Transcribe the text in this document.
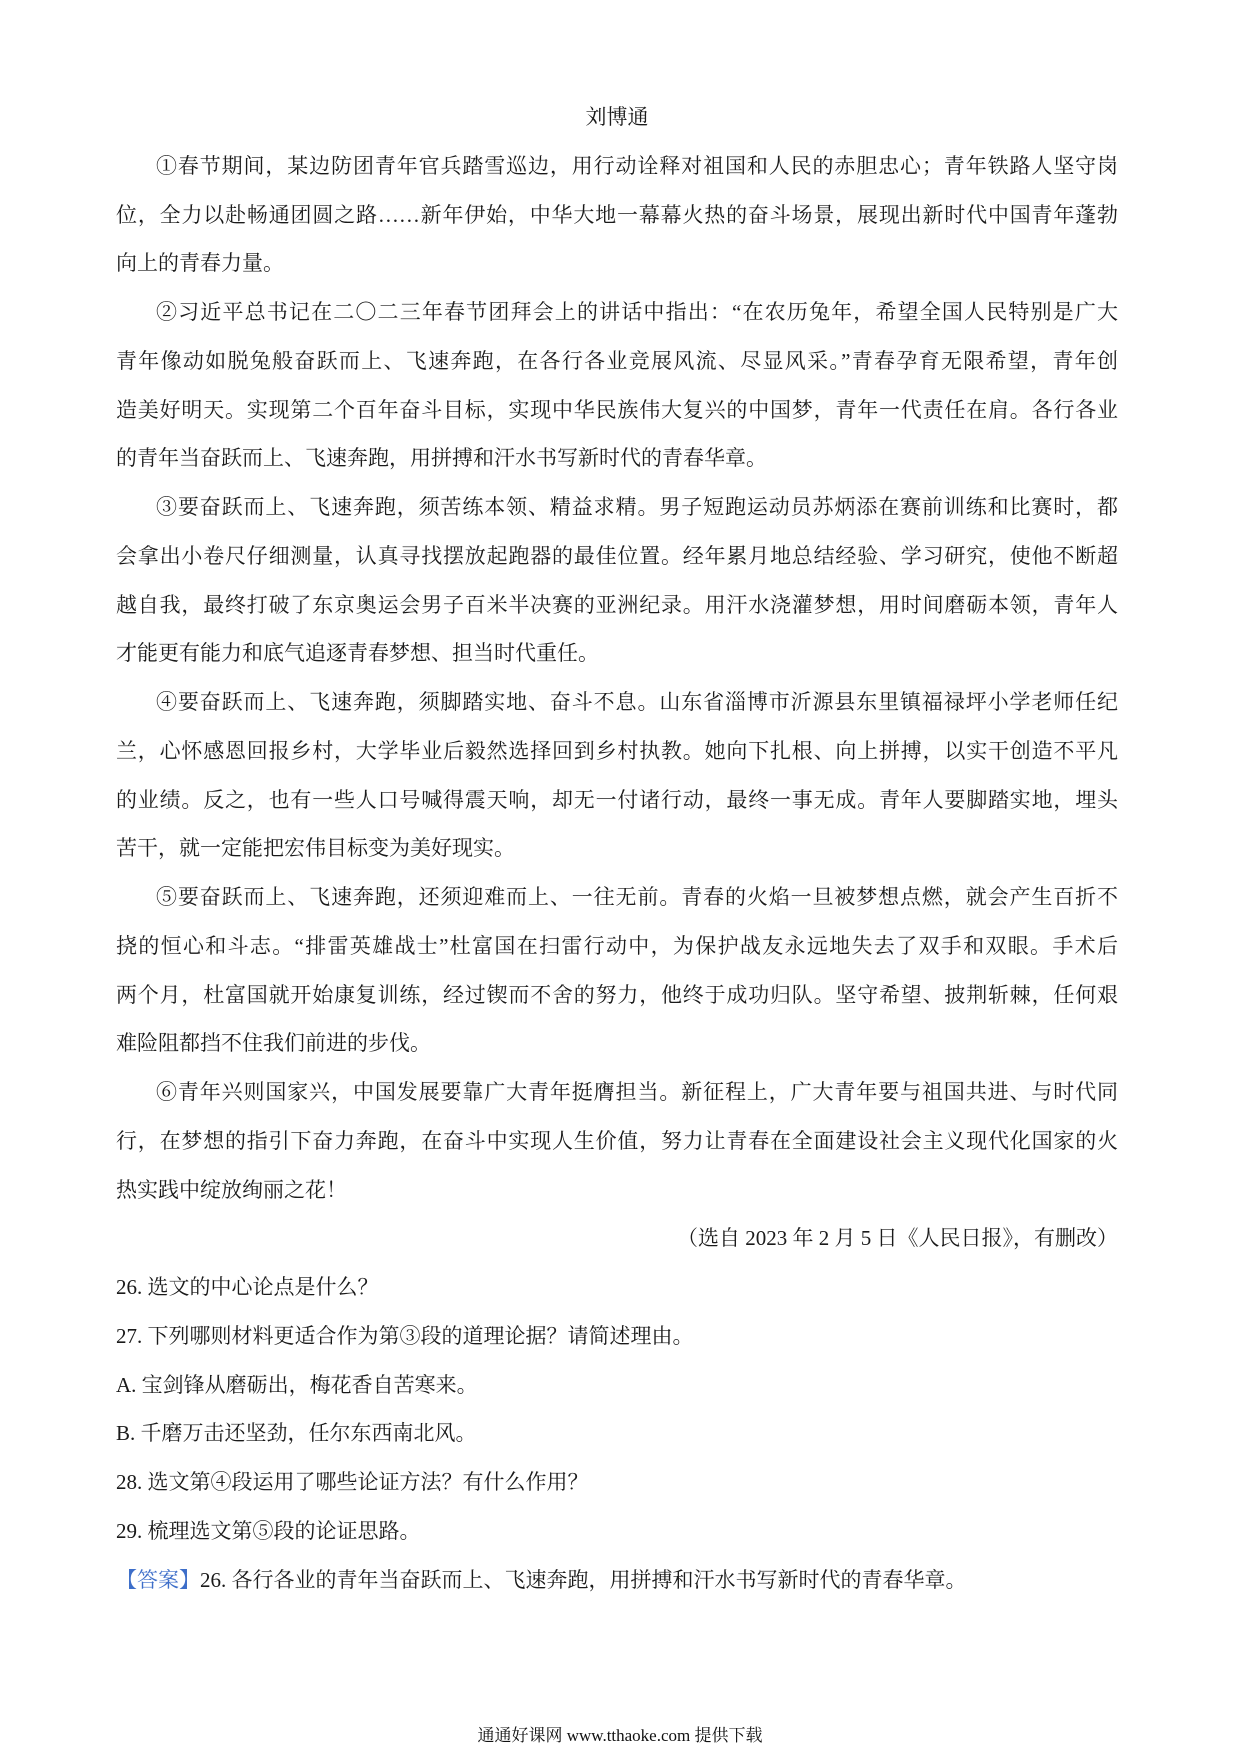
刘博通
①春节期间，某边防团青年官兵踏雪巡边，用行动诠释对祖国和人民的赤胆忠心；青年铁路人坚守岗
位，全力以赴畅通团圆之路……新年伊始，中华大地一幕幕火热的奋斗场景，展现出新时代中国青年蓬勃
向上的青春力量。
②习近平总书记在二〇二三年春节团拜会上的讲话中指出：“在农历兔年，希望全国人民特别是广大
青年像动如脱兔般奋跃而上、飞速奔跑，在各行各业竞展风流、尽显风采。”青春孕育无限希望，青年创
造美好明天。实现第二个百年奋斗目标，实现中华民族伟大复兴的中国梦，青年一代责任在肩。各行各业
的青年当奋跃而上、飞速奔跑，用拼搏和汗水书写新时代的青春华章。
③要奋跃而上、飞速奔跑，须苦练本领、精益求精。男子短跑运动员苏炳添在赛前训练和比赛时，都
会拿出小卷尺仔细测量，认真寻找摆放起跑器的最佳位置。经年累月地总结经验、学习研究，使他不断超
越自我，最终打破了东京奥运会男子百米半决赛的亚洲纪录。用汗水浇灌梦想，用时间磨砺本领，青年人
才能更有能力和底气追逐青春梦想、担当时代重任。
④要奋跃而上、飞速奔跑，须脚踏实地、奋斗不息。山东省淄博市沂源县东里镇福禄坪小学老师任纪
兰，心怀感恩回报乡村，大学毕业后毅然选择回到乡村执教。她向下扎根、向上拼搏，以实干创造不平凡
的业绩。反之，也有一些人口号喊得震天响，却无一付诸行动，最终一事无成。青年人要脚踏实地，埋头
苦干，就一定能把宏伟目标变为美好现实。
⑤要奋跃而上、飞速奔跑，还须迎难而上、一往无前。青春的火焰一旦被梦想点燃，就会产生百折不
挠的恒心和斗志。“排雷英雄战士”杜富国在扫雷行动中，为保护战友永远地失去了双手和双眼。手术后
两个月，杜富国就开始康复训练，经过锲而不舍的努力，他终于成功归队。坚守希望、披荆斩棘，任何艰
难险阻都挡不住我们前进的步伐。
⑥青年兴则国家兴，中国发展要靠广大青年挺膺担当。新征程上，广大青年要与祖国共进、与时代同
行，在梦想的指引下奋力奔跑，在奋斗中实现人生价值，努力让青春在全面建设社会主义现代化国家的火
热实践中绽放绚丽之花！
（选自 2023 年 2 月 5 日《人民日报》，有删改）
26. 选文的中心论点是什么？
27. 下列哪则材料更适合作为第③段的道理论据？请简述理由。
A. 宝剑锋从磨砺出，梅花香自苦寒来。
B. 千磨万击还坚劲，任尔东西南北风。
28. 选文第④段运用了哪些论证方法？有什么作用？
29. 梳理选文第⑤段的论证思路。
【答案】26. 各行各业的青年当奋跃而上、飞速奔跑，用拼搏和汗水书写新时代的青春华章。
通通好课网 www.tthaoke.com 提供下载
